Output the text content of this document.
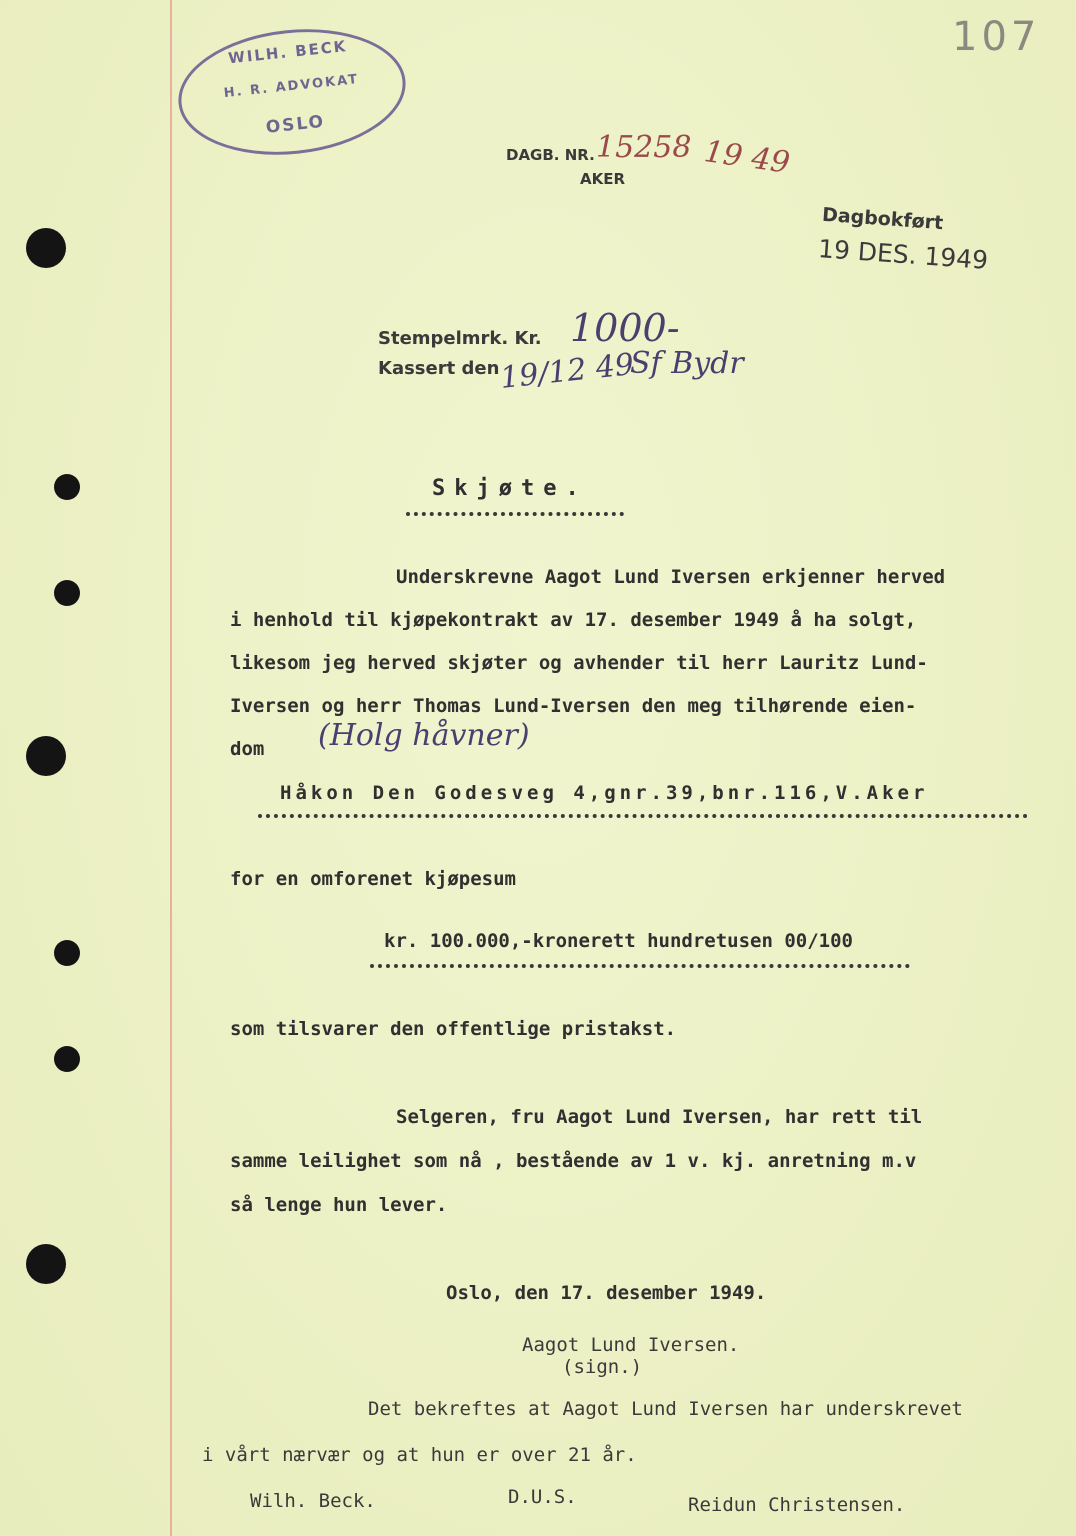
WILH. BECK
H. R. ADVOKAT
OSLO
107
DAGB. NR. 15258 19 49
AKER
Dagbokført
19 DES. 1949
Stempelmrk. Kr. 1000-
Kassert den 19/12 49
Sf Bydr
Skjøte.
Underskrevne Aagot Lund Iversen erkjenner herved
i henhold til kjøpekontrakt av 17. desember 1949 å ha solgt,
likesom jeg herved skjøter og avhender til herr Lauritz Lund-
Iversen og herr Thomas Lund-Iversen den meg tilhørende eien-
dom (Holg håvner)
Håkon Den Godesveg 4,gnr.39,bnr.116,V.Aker
for en omforenet kjøpesum
kr. 100.000,-kronerett hundretusen 00/100
som tilsvarer den offentlige pristakst.
Selgeren, fru Aagot Lund Iversen, har rett til
samme leilighet som nå , bestående av 1 v. kj. anretning m.v
så lenge hun lever.
Oslo, den 17. desember 1949.
Aagot Lund Iversen.
(sign.)
Det bekreftes at Aagot Lund Iversen har underskrevet
i vårt nærvær og at hun er over 21 år.
Wilh. Beck.	D.U.S.	Reidun Christensen.
